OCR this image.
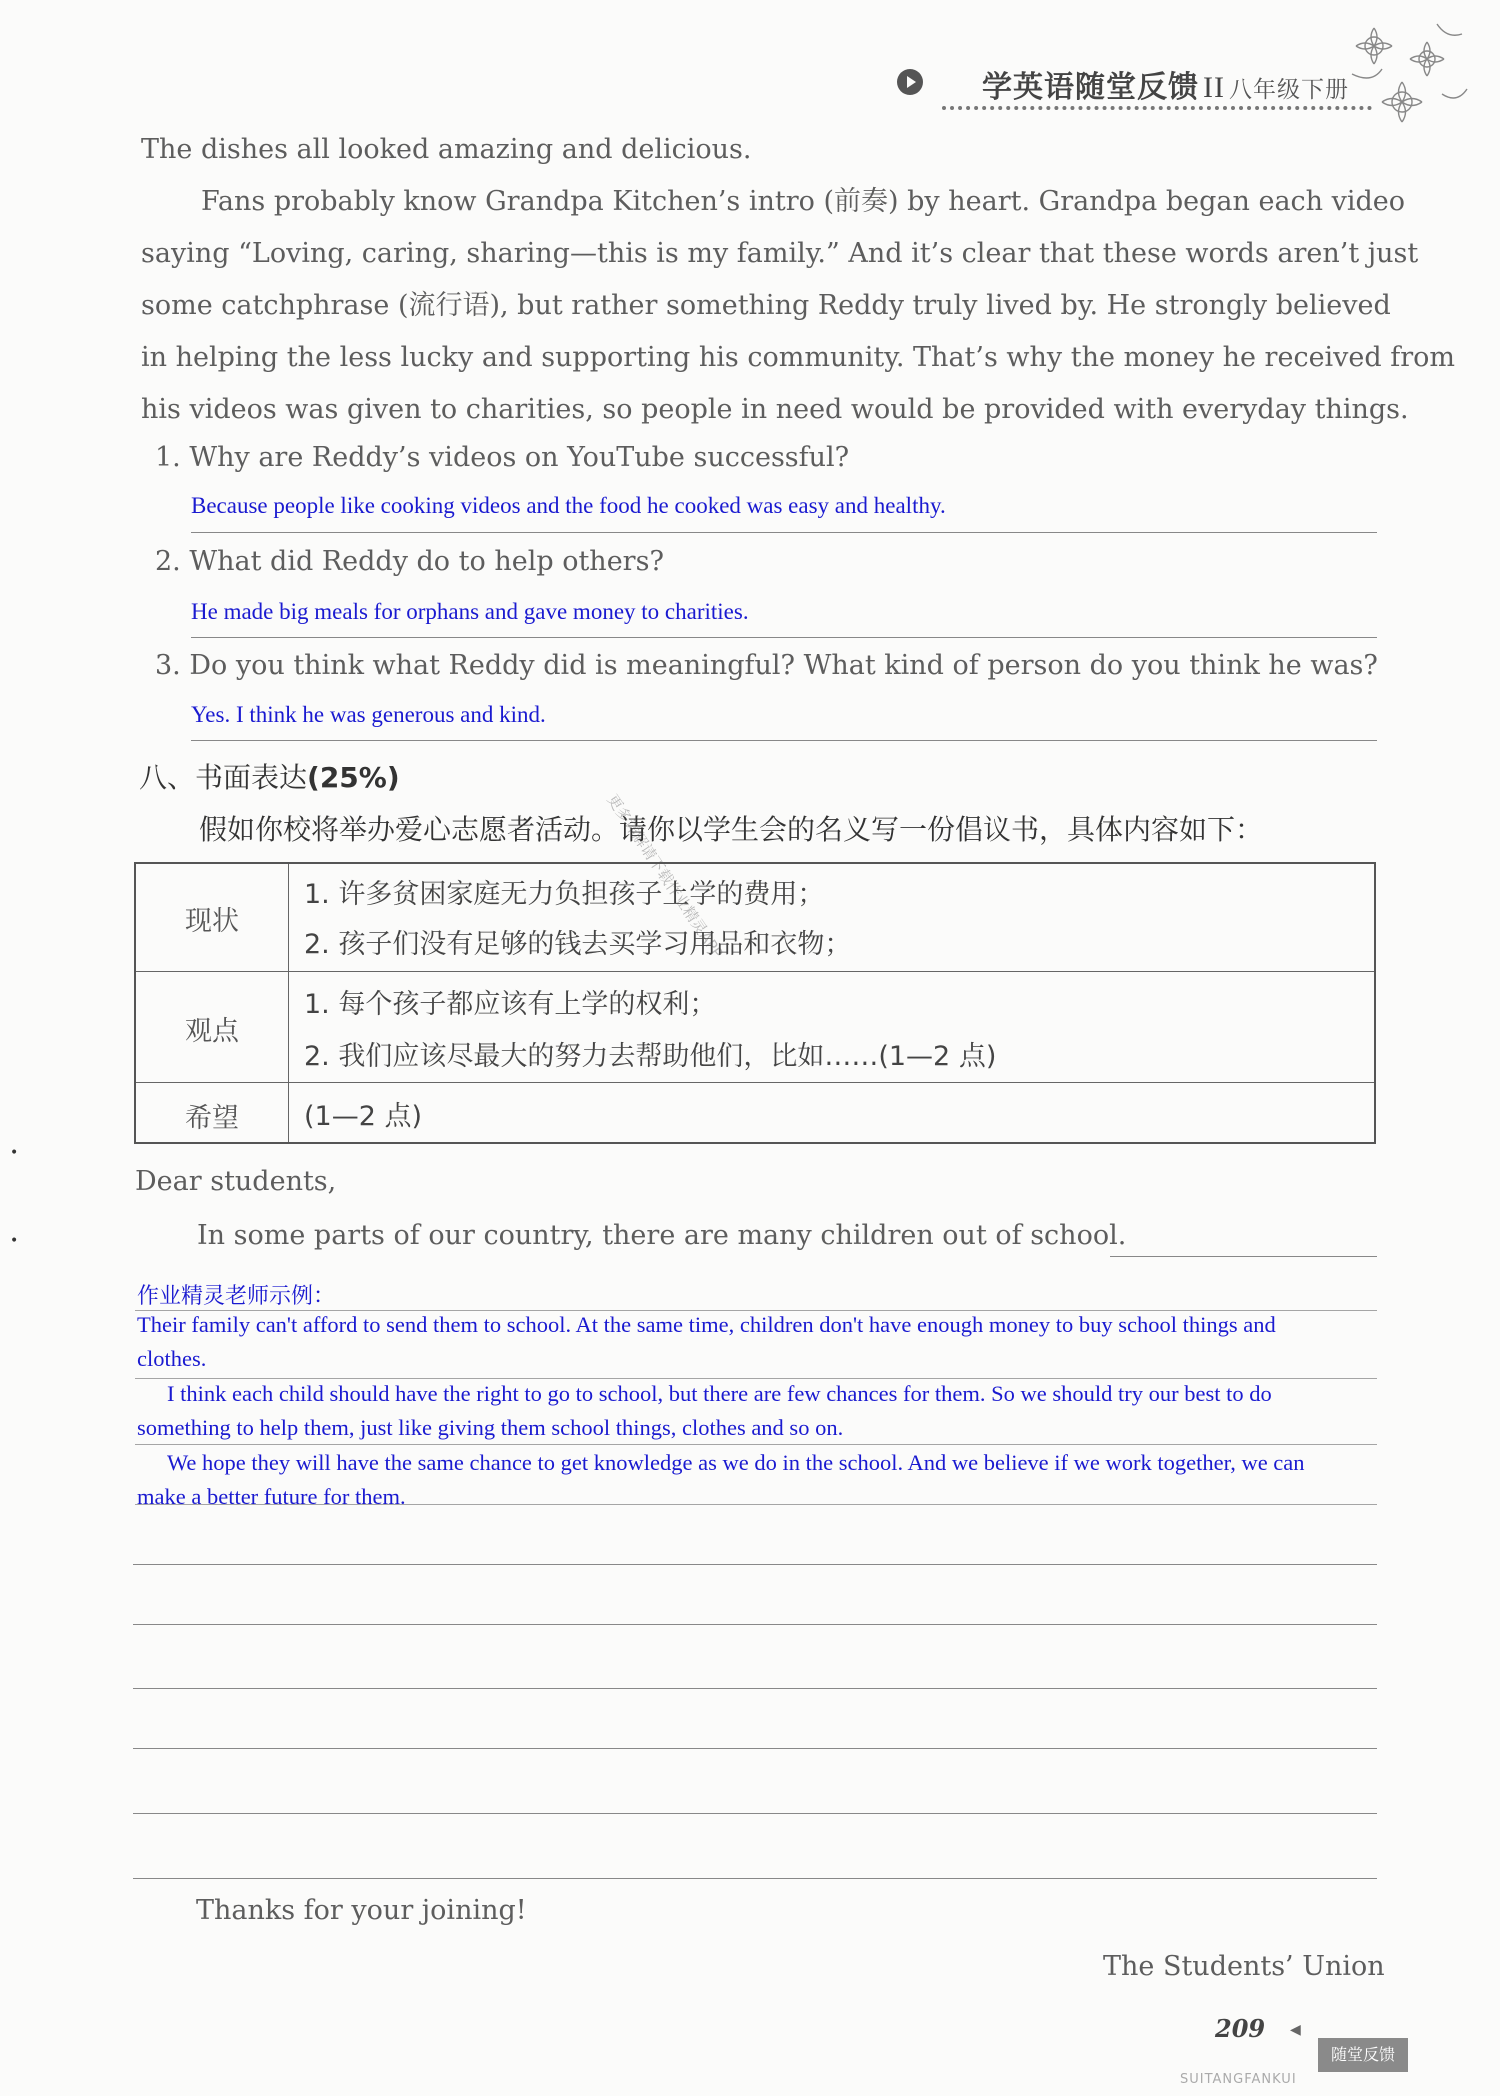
学英语随堂反馈 II 八年级下册
The dishes all looked amazing and delicious.
Fans probably know Grandpa Kitchen’s intro (前奏) by heart. Grandpa began each video
saying “Loving, caring, sharing—this is my family.” And it’s clear that these words aren’t just
some catchphrase (流行语), but rather something Reddy truly lived by. He strongly believed
in helping the less lucky and supporting his community. That’s why the money he received from
his videos was given to charities, so people in need would be provided with everyday things.
1. Why are Reddy’s videos on YouTube successful?
Because people like cooking videos and the food he cooked was easy and healthy.
2. What did Reddy do to help others?
He made big meals for orphans and gave money to charities.
3. Do you think what Reddy did is meaningful? What kind of person do you think he was?
Yes. I think he was generous and kind.
更多详解请下载作业精灵APP
八、书面表达(25%)
假如你校将举办爱心志愿者活动。请你以学生会的名义写一份倡议书，具体内容如下：
现状
1. 许多贫困家庭无力负担孩子上学的费用；
2. 孩子们没有足够的钱去买学习用品和衣物；
观点
1. 每个孩子都应该有上学的权利；
2. 我们应该尽最大的努力去帮助他们，比如……(1—2 点)
希望	(1—2 点)
•
•
Dear students,
In some parts of our country, there are many children out of school.
作业精灵老师示例：
Their family can't afford to send them to school. At the same time, children don't have enough money to buy school things and
clothes.
I think each child should have the right to go to school, but there are few chances for them. So we should try our best to do
something to help them, just like giving them school things, clothes and so on.
We hope they will have the same chance to get knowledge as we do in the school. And we believe if we work together, we can
make a better future for them.
Thanks for your joining!
The Students’ Union
209 ◀
随堂反馈
SUITANGFANKUI
